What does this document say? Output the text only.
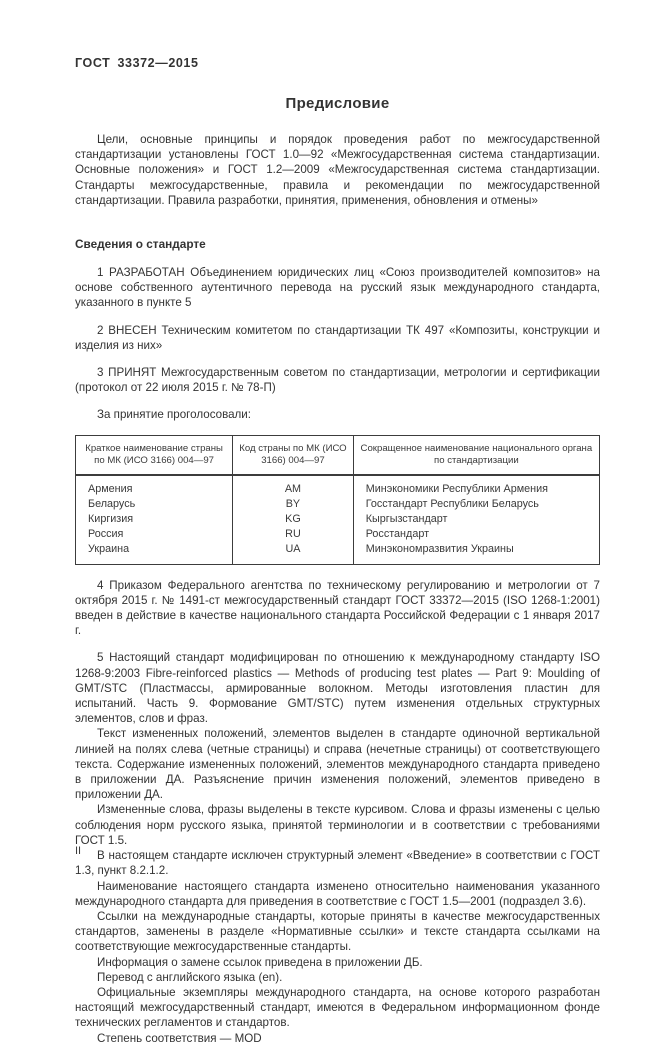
ГОСТ 33372—2015
Предисловие

Цели, основные принципы и порядок проведения работ по межгосударственной стандартизации установлены ГОСТ 1.0—92 «Межгосударственная система стандартизации. Основные положения» и ГОСТ 1.2—2009 «Межгосударственная система стандартизации. Стандарты межгосударственные, правила и рекомендации по межгосударственной стандартизации. Правила разработки, принятия, применения, обновления и отмены»

Сведения о стандарте

1 РАЗРАБОТАН Объединением юридических лиц «Союз производителей композитов» на основе собственного аутентичного перевода на русский язык международного стандарта, указанного в пункте 5

2 ВНЕСЕН Техническим комитетом по стандартизации ТК 497 «Композиты, конструкции и изделия из них»

3 ПРИНЯТ Межгосударственным советом по стандартизации, метрологии и сертификации (протокол от 22 июля 2015 г. № 78-П)

За принятие проголосовали:

Краткое наименование страны по МК (ИСО 3166) 004—97	Код страны по МК (ИСО 3166) 004—97	Сокращенное наименование национального органа по стандартизации
Армения	AM	Минэкономики Республики Армения
Беларусь	BY	Госстандарт Республики Беларусь
Киргизия	KG	Кыргызстандарт
Россия	RU	Росстандарт
Украина	UA	Минэкономразвития Украины

4 Приказом Федерального агентства по техническому регулированию и метрологии от 7 октября 2015 г. № 1491-ст межгосударственный стандарт ГОСТ 33372—2015 (ISO 1268-1:2001) введен в действие в качестве национального стандарта Российской Федерации с 1 января 2017 г.

5 Настоящий стандарт модифицирован по отношению к международному стандарту ISO 1268-9:2003 Fibre-reinforced plastics — Methods of producing test plates — Part 9: Moulding of GMT/STC (Пластмассы, армированные волокном. Методы изготовления пластин для испытаний. Часть 9. Формование GMT/STC) путем изменения отдельных структурных элементов, слов и фраз.

Текст измененных положений, элементов выделен в стандарте одиночной вертикальной линией на полях слева (четные страницы) и справа (нечетные страницы) от соответствующего текста. Содержание измененных положений, элементов международного стандарта приведено в приложении ДА. Разъяснение причин изменения положений, элементов приведено в приложении ДА.

Измененные слова, фразы выделены в тексте курсивом. Слова и фразы изменены с целью соблюдения норм русского языка, принятой терминологии и в соответствии с требованиями ГОСТ 1.5.

В настоящем стандарте исключен структурный элемент «Введение» в соответствии с ГОСТ 1.3, пункт 8.2.1.2.

Наименование настоящего стандарта изменено относительно наименования указанного международного стандарта для приведения в соответствие с ГОСТ 1.5—2001 (подраздел 3.6).

Ссылки на международные стандарты, которые приняты в качестве межгосударственных стандартов, заменены в разделе «Нормативные ссылки» и тексте стандарта ссылками на соответствующие межгосударственные стандарты.

Информация о замене ссылок приведена в приложении ДБ.

Перевод с английского языка (en).

Официальные экземпляры международного стандарта, на основе которого разработан настоящий межгосударственный стандарт, имеются в Федеральном информационном фонде технических регламентов и стандартов.

Степень соответствия — MOD

II
